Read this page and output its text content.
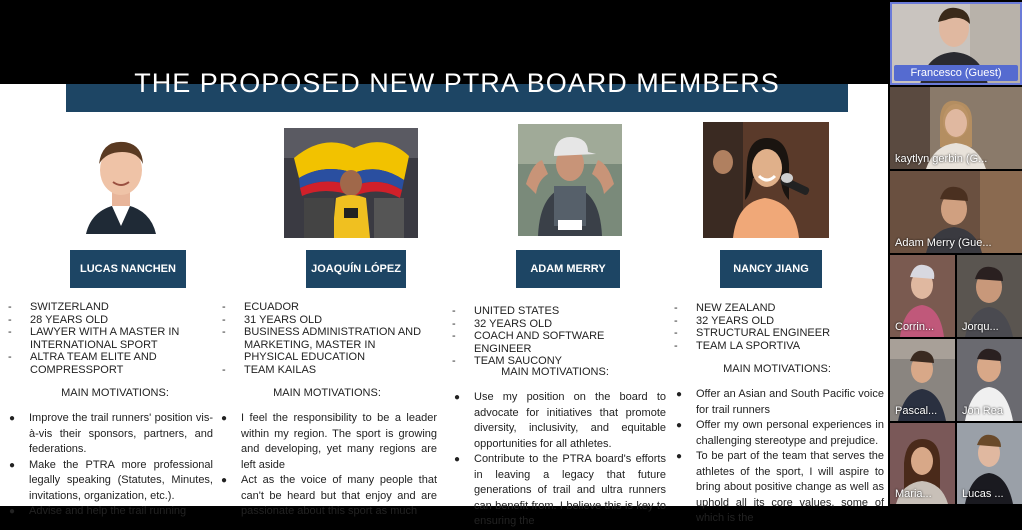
THE PROPOSED NEW PTRA BOARD MEMBERS
LUCAS NANCHEN
- SWITZERLAND
- 28 YEARS OLD
- LAWYER WITH A MASTER IN INTERNATIONAL SPORT
- ALTRA TEAM ELITE AND COMPRESSPORT
MAIN MOTIVATIONS:
● Improve the trail runners' position vis-à-vis their sponsors, partners, and federations.
● Make the PTRA more professional legally speaking (Statutes, Minutes, invitations, organization, etc.).
● Advise and help the trail running
JOAQUÍN LÓPEZ
- ECUADOR
- 31 YEARS OLD
- BUSINESS ADMINISTRATION AND MARKETING, MASTER IN PHYSICAL EDUCATION
- TEAM KAILAS
MAIN MOTIVATIONS:
● I feel the responsibility to be a leader within my region. The sport is growing and developing, yet many regions are left aside
● Act as the voice of many people that can't be heard but that enjoy and are passionate about this sport as much
ADAM MERRY
- UNITED STATES
- 32 YEARS OLD
- COACH AND SOFTWARE ENGINEER
- TEAM SAUCONY
MAIN MOTIVATIONS:
● Use my position on the board to advocate for initiatives that promote diversity, inclusivity, and equitable opportunities for all athletes.
● Contribute to the PTRA board's efforts in leaving a legacy that future generations of trail and ultra runners can benefit from. I believe this is key to ensuring the
NANCY JIANG
- NEW ZEALAND
- 32 YEARS OLD
- STRUCTURAL ENGINEER
- TEAM LA SPORTIVA
MAIN MOTIVATIONS:
● Offer an Asian and South Pacific voice for trail runners
● Offer my own personal experiences in challenging stereotype and prejudice.
● To be part of the team that serves the athletes of the sport, I will aspire to bring about positive change as well as uphold all its core values, some of which is the
Francesco (Guest)
kaytlyn gerbin (G...
Adam Merry (Gue...
Corrin...	Jorqu...
Pascal... Jon Rea
Maria...	Lucas ...
